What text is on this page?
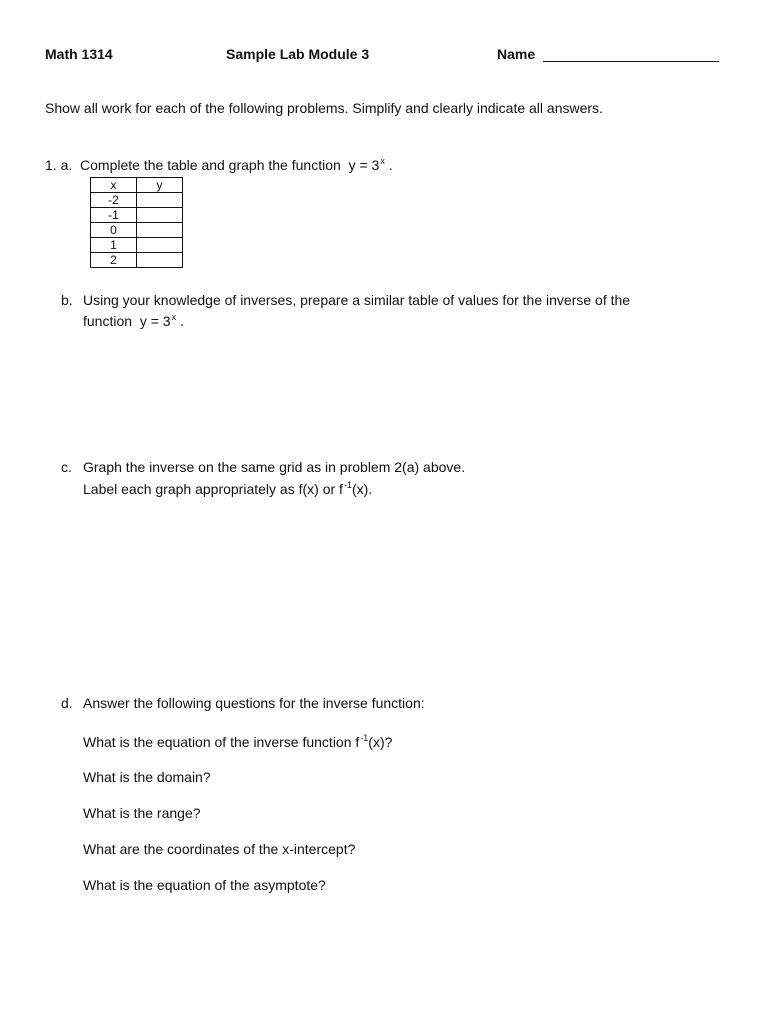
Math 1314	Sample Lab Module 3	Name
Show all work for each of the following problems. Simplify and clearly indicate all answers.
1. a. Complete the table and graph the function $y = 3^x$ .
x	y
-2	
-1	
0	
1	
2	
b. Using your knowledge of inverses, prepare a similar table of values for the inverse of the
function $y = 3^x$ .
c. Graph the inverse on the same grid as in problem 2(a) above.
Label each graph appropriately as f(x) or $f^{-1}(x)$.
d. Answer the following questions for the inverse function:
What is the equation of the inverse function $f^{-1}(x)$?
What is the domain?
What is the range?
What are the coordinates of the x-intercept?
What is the equation of the asymptote?
